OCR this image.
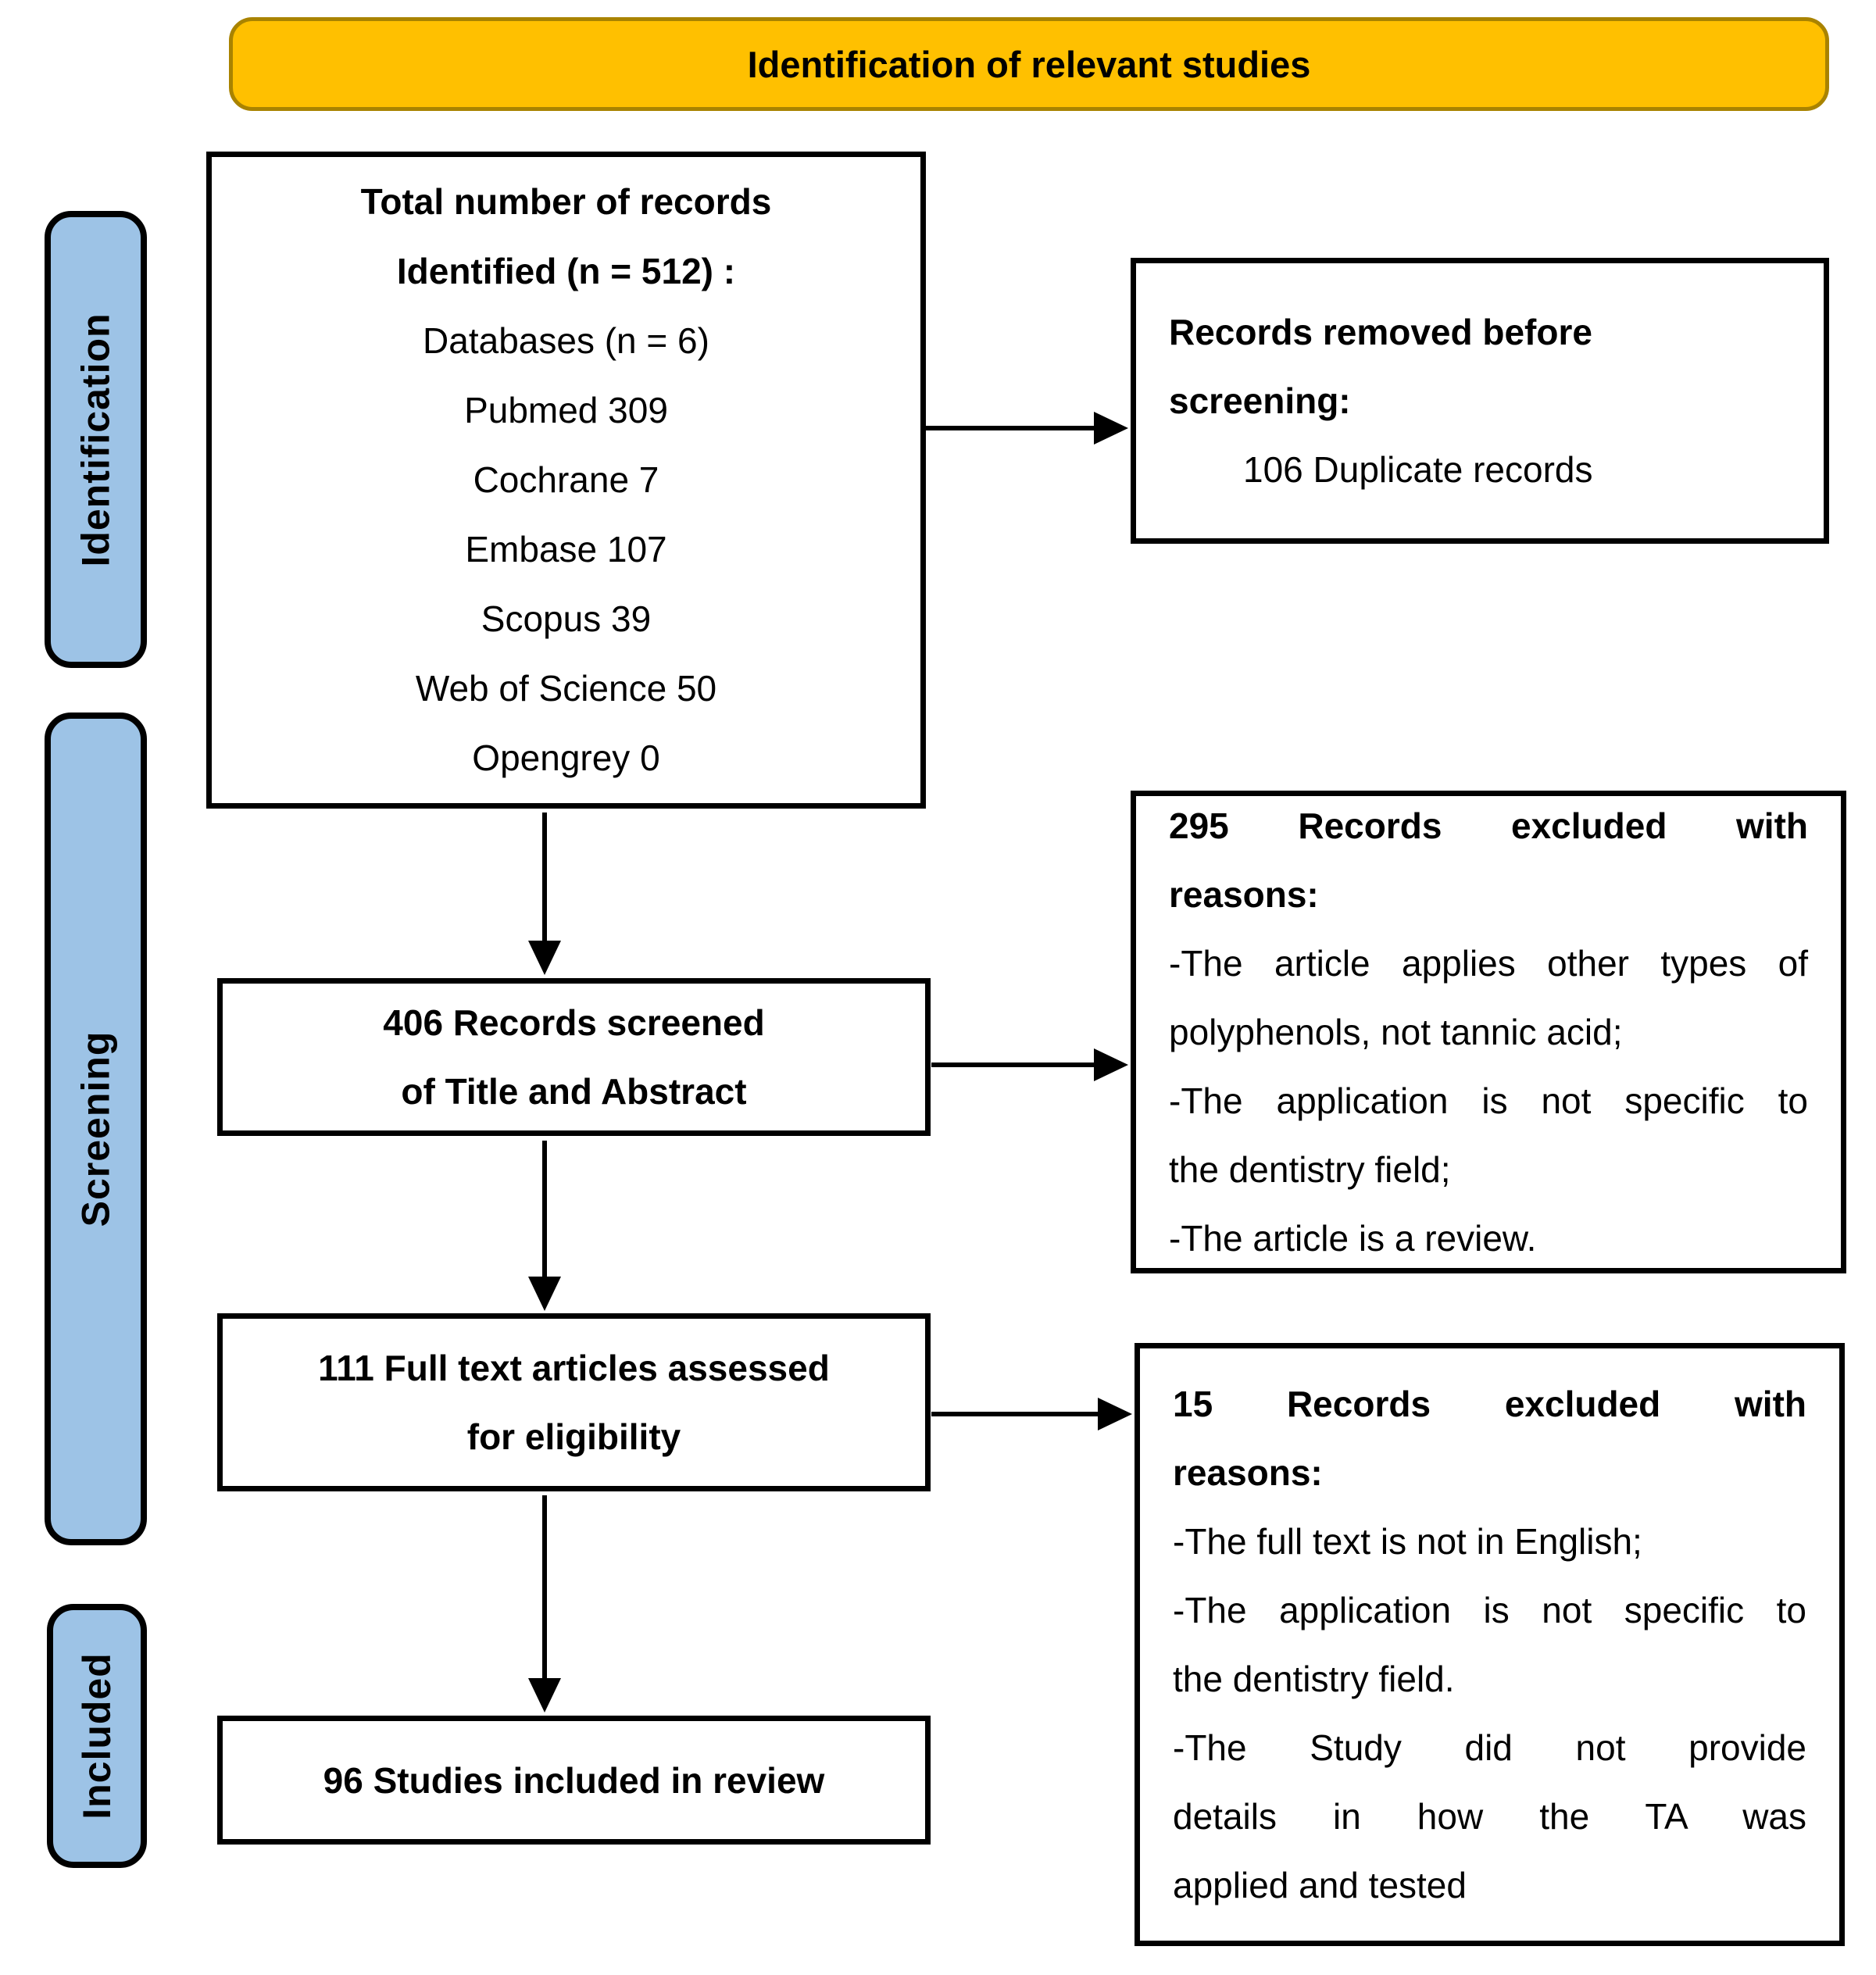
Identification of relevant studies
Identification
Screening
Included
Total number of records
Identified (n = 512) :
Databases (n = 6)
Pubmed 309
Cochrane 7
Embase 107
Scopus 39
Web of Science 50
Opengrey 0
Records removed before
screening:
106 Duplicate records
406 Records screened
of Title and Abstract
295 Records excluded with
reasons:
-The article applies other types of
polyphenols, not tannic acid;
-The application is not specific to
the dentistry field;
-The article is a review.
111 Full text articles assessed
for eligibility
15 Records excluded with
reasons:
-The full text is not in English;
-The application is not specific to
the dentistry field.
-The Study did not provide
details in how the TA was
applied and tested
96 Studies included in review
